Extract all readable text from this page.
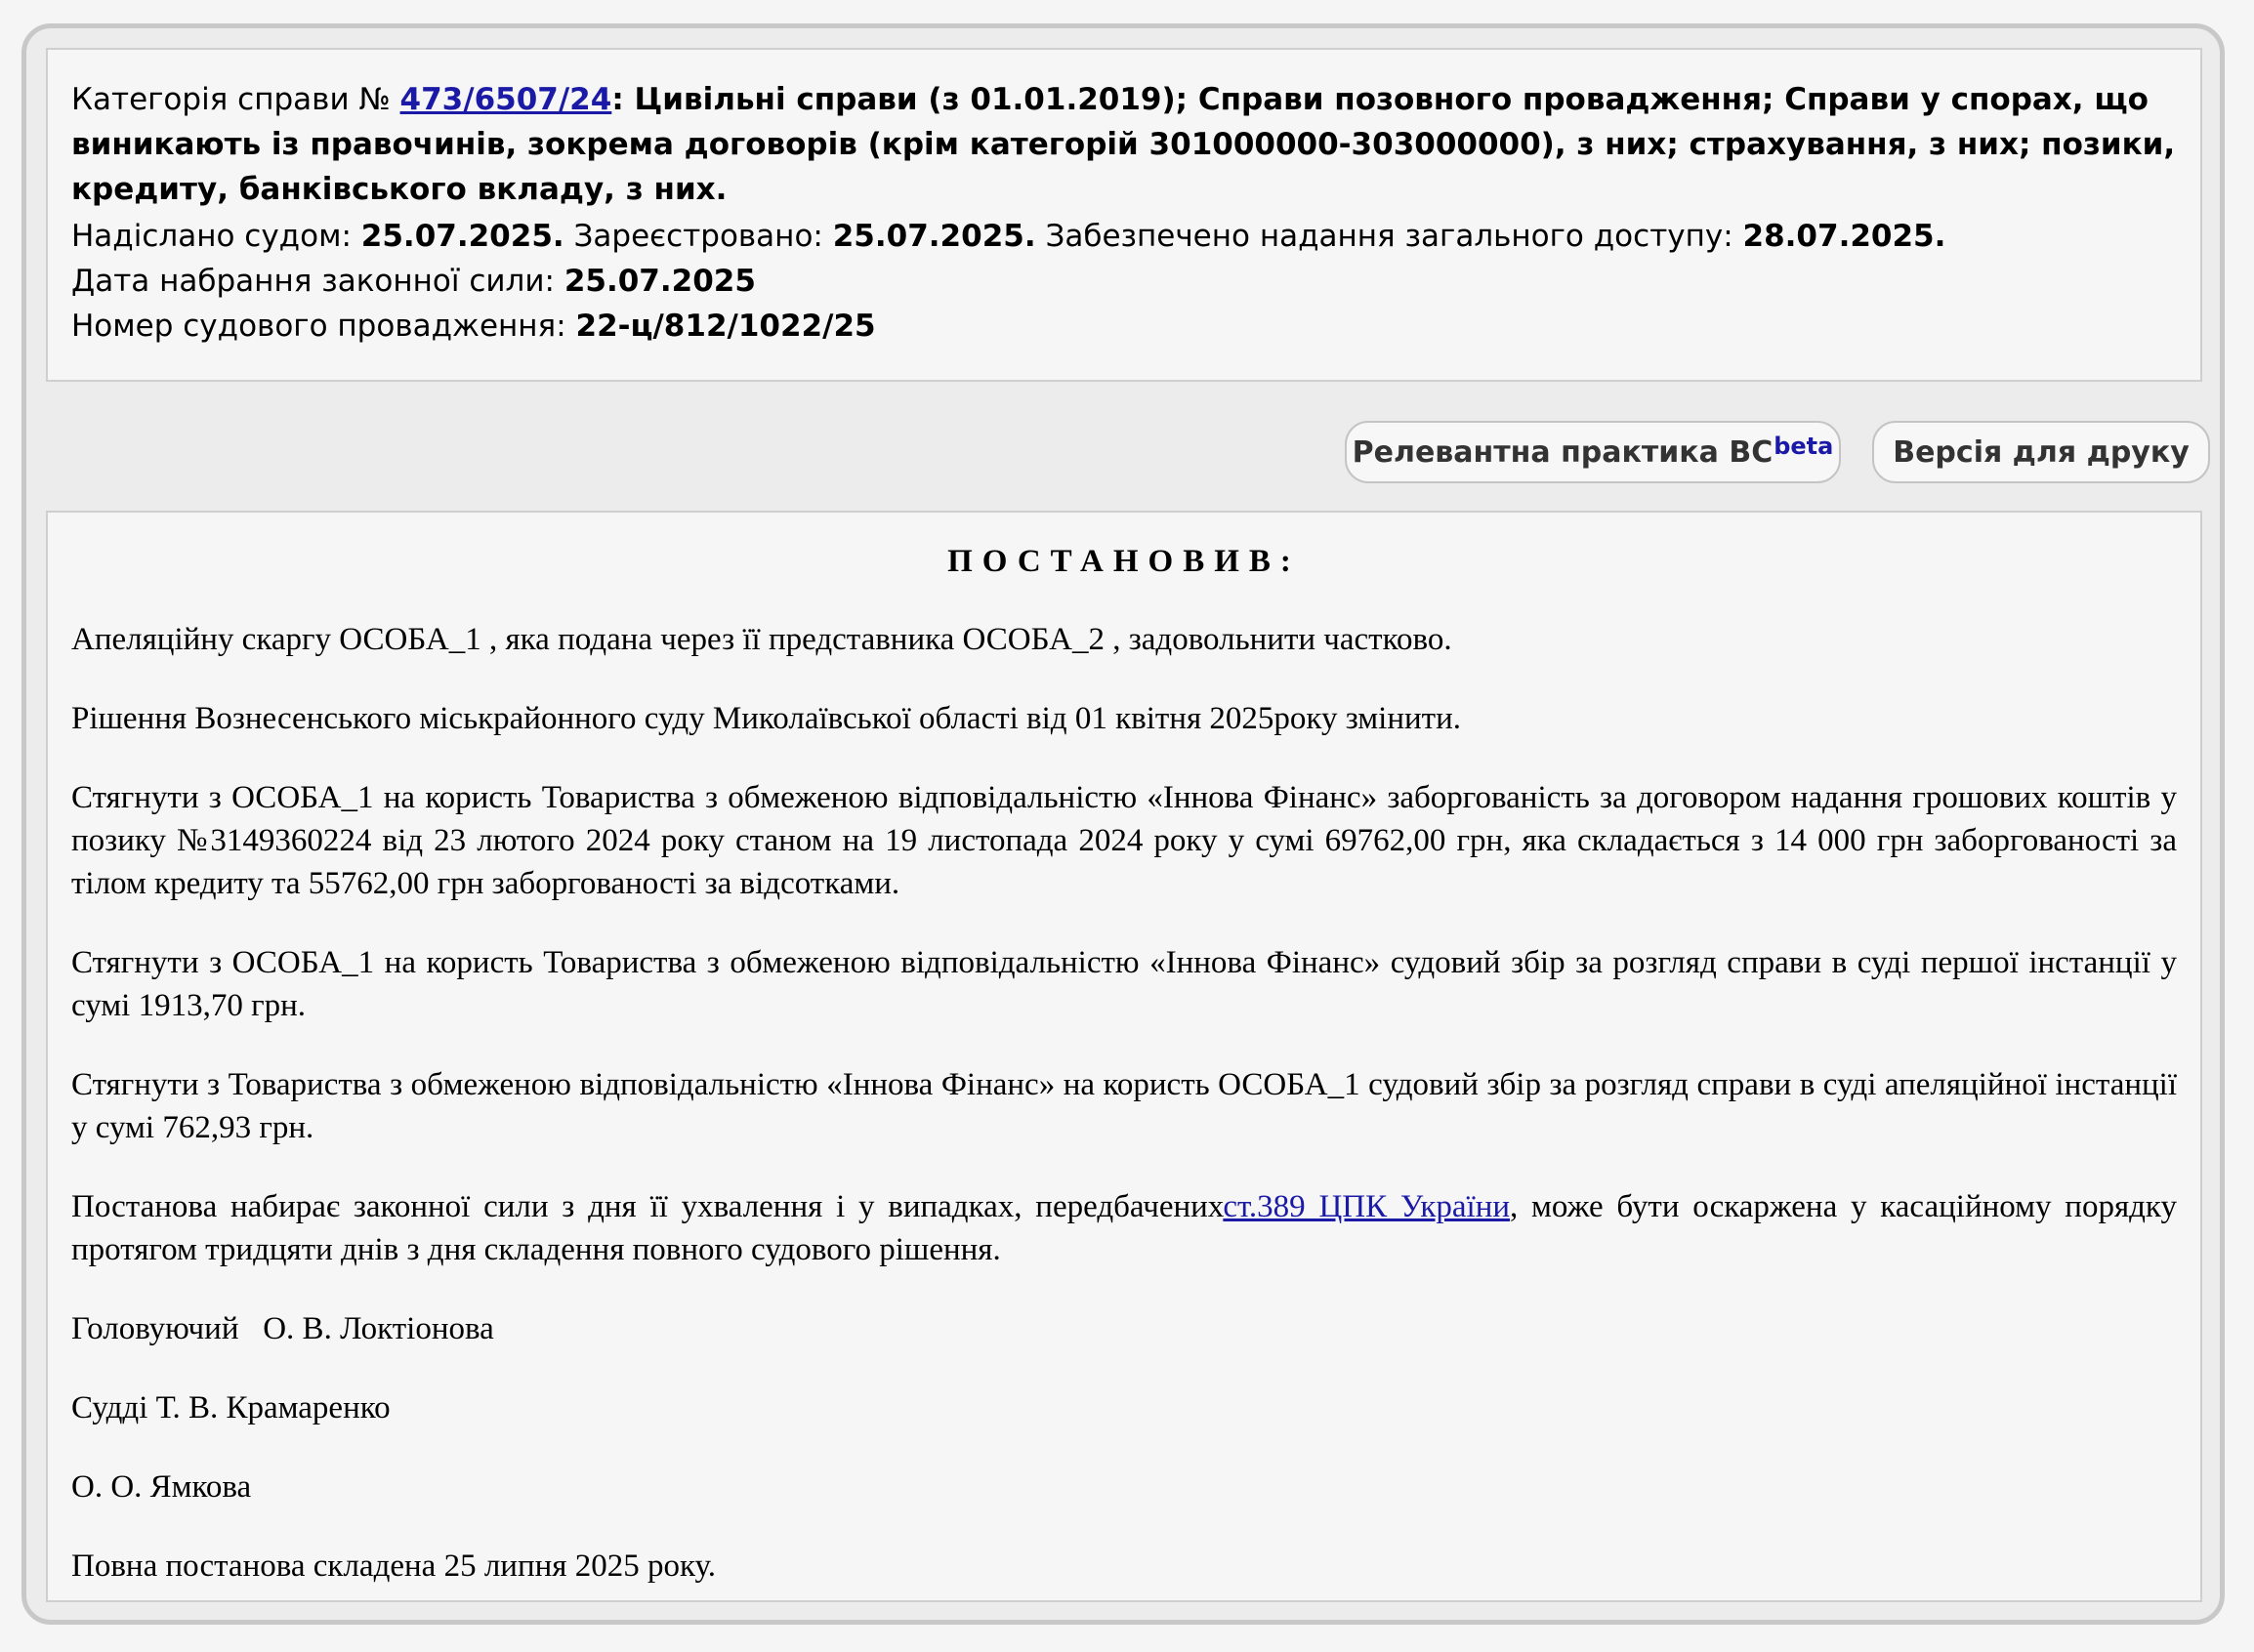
Категорія справи № 473/6507/24: Цивільні справи (з 01.01.2019); Справи позовного провадження; Справи у спорах, що виникають із правочинів, зокрема договорів (крім категорій 301000000-303000000), з них; страхування, з них; позики, кредиту, банківського вкладу, з них.

Надіслано судом: 25.07.2025. Зареєстровано: 25.07.2025. Забезпечено надання загального доступу: 28.07.2025.

Дата набрання законної сили: 25.07.2025

Номер судового провадження: 22-ц/812/1022/25

Релевантна практика $ВС^{beta}$ Версія для друку

ПОСТАНОВИВ:

Апеляційну скаргу ОСОБА_1 , яка подана через її представника ОСОБА_2 , задовольнити частково.

Рішення Вознесенського міськрайонного суду Миколаївської області від 01 квітня 2025року змінити.

Стягнути з ОСОБА_1 на користь Товариства з обмеженою відповідальністю «Іннова Фінанс» заборгованість за договором надання грошових коштів у позику №3149360224 від 23 лютого 2024 року станом на 19 листопада 2024 року у сумі 69762,00 грн, яка складається з 14 000 грн заборгованості за тілом кредиту та 55762,00 грн заборгованості за відсотками.

Стягнути з ОСОБА_1 на користь Товариства з обмеженою відповідальністю «Іннова Фінанс» судовий збір за розгляд справи в суді першої інстанції у сумі 1913,70 грн.

Стягнути з Товариства з обмеженою відповідальністю «Іннова Фінанс» на користь ОСОБА_1 судовий збір за розгляд справи в суді апеляційної інстанції у сумі 762,93 грн.

Постанова набирає законної сили з дня її ухвалення і у випадках, передбаченихст.389 ЦПК України, може бути оскаржена у касаційному порядку протягом тридцяти днів з дня складення повного судового рішення.

Головуючий   О. В. Локтіонова

Судді Т. В. Крамаренко

О. О. Ямкова

Повна постанова складена 25 липня 2025 року.
